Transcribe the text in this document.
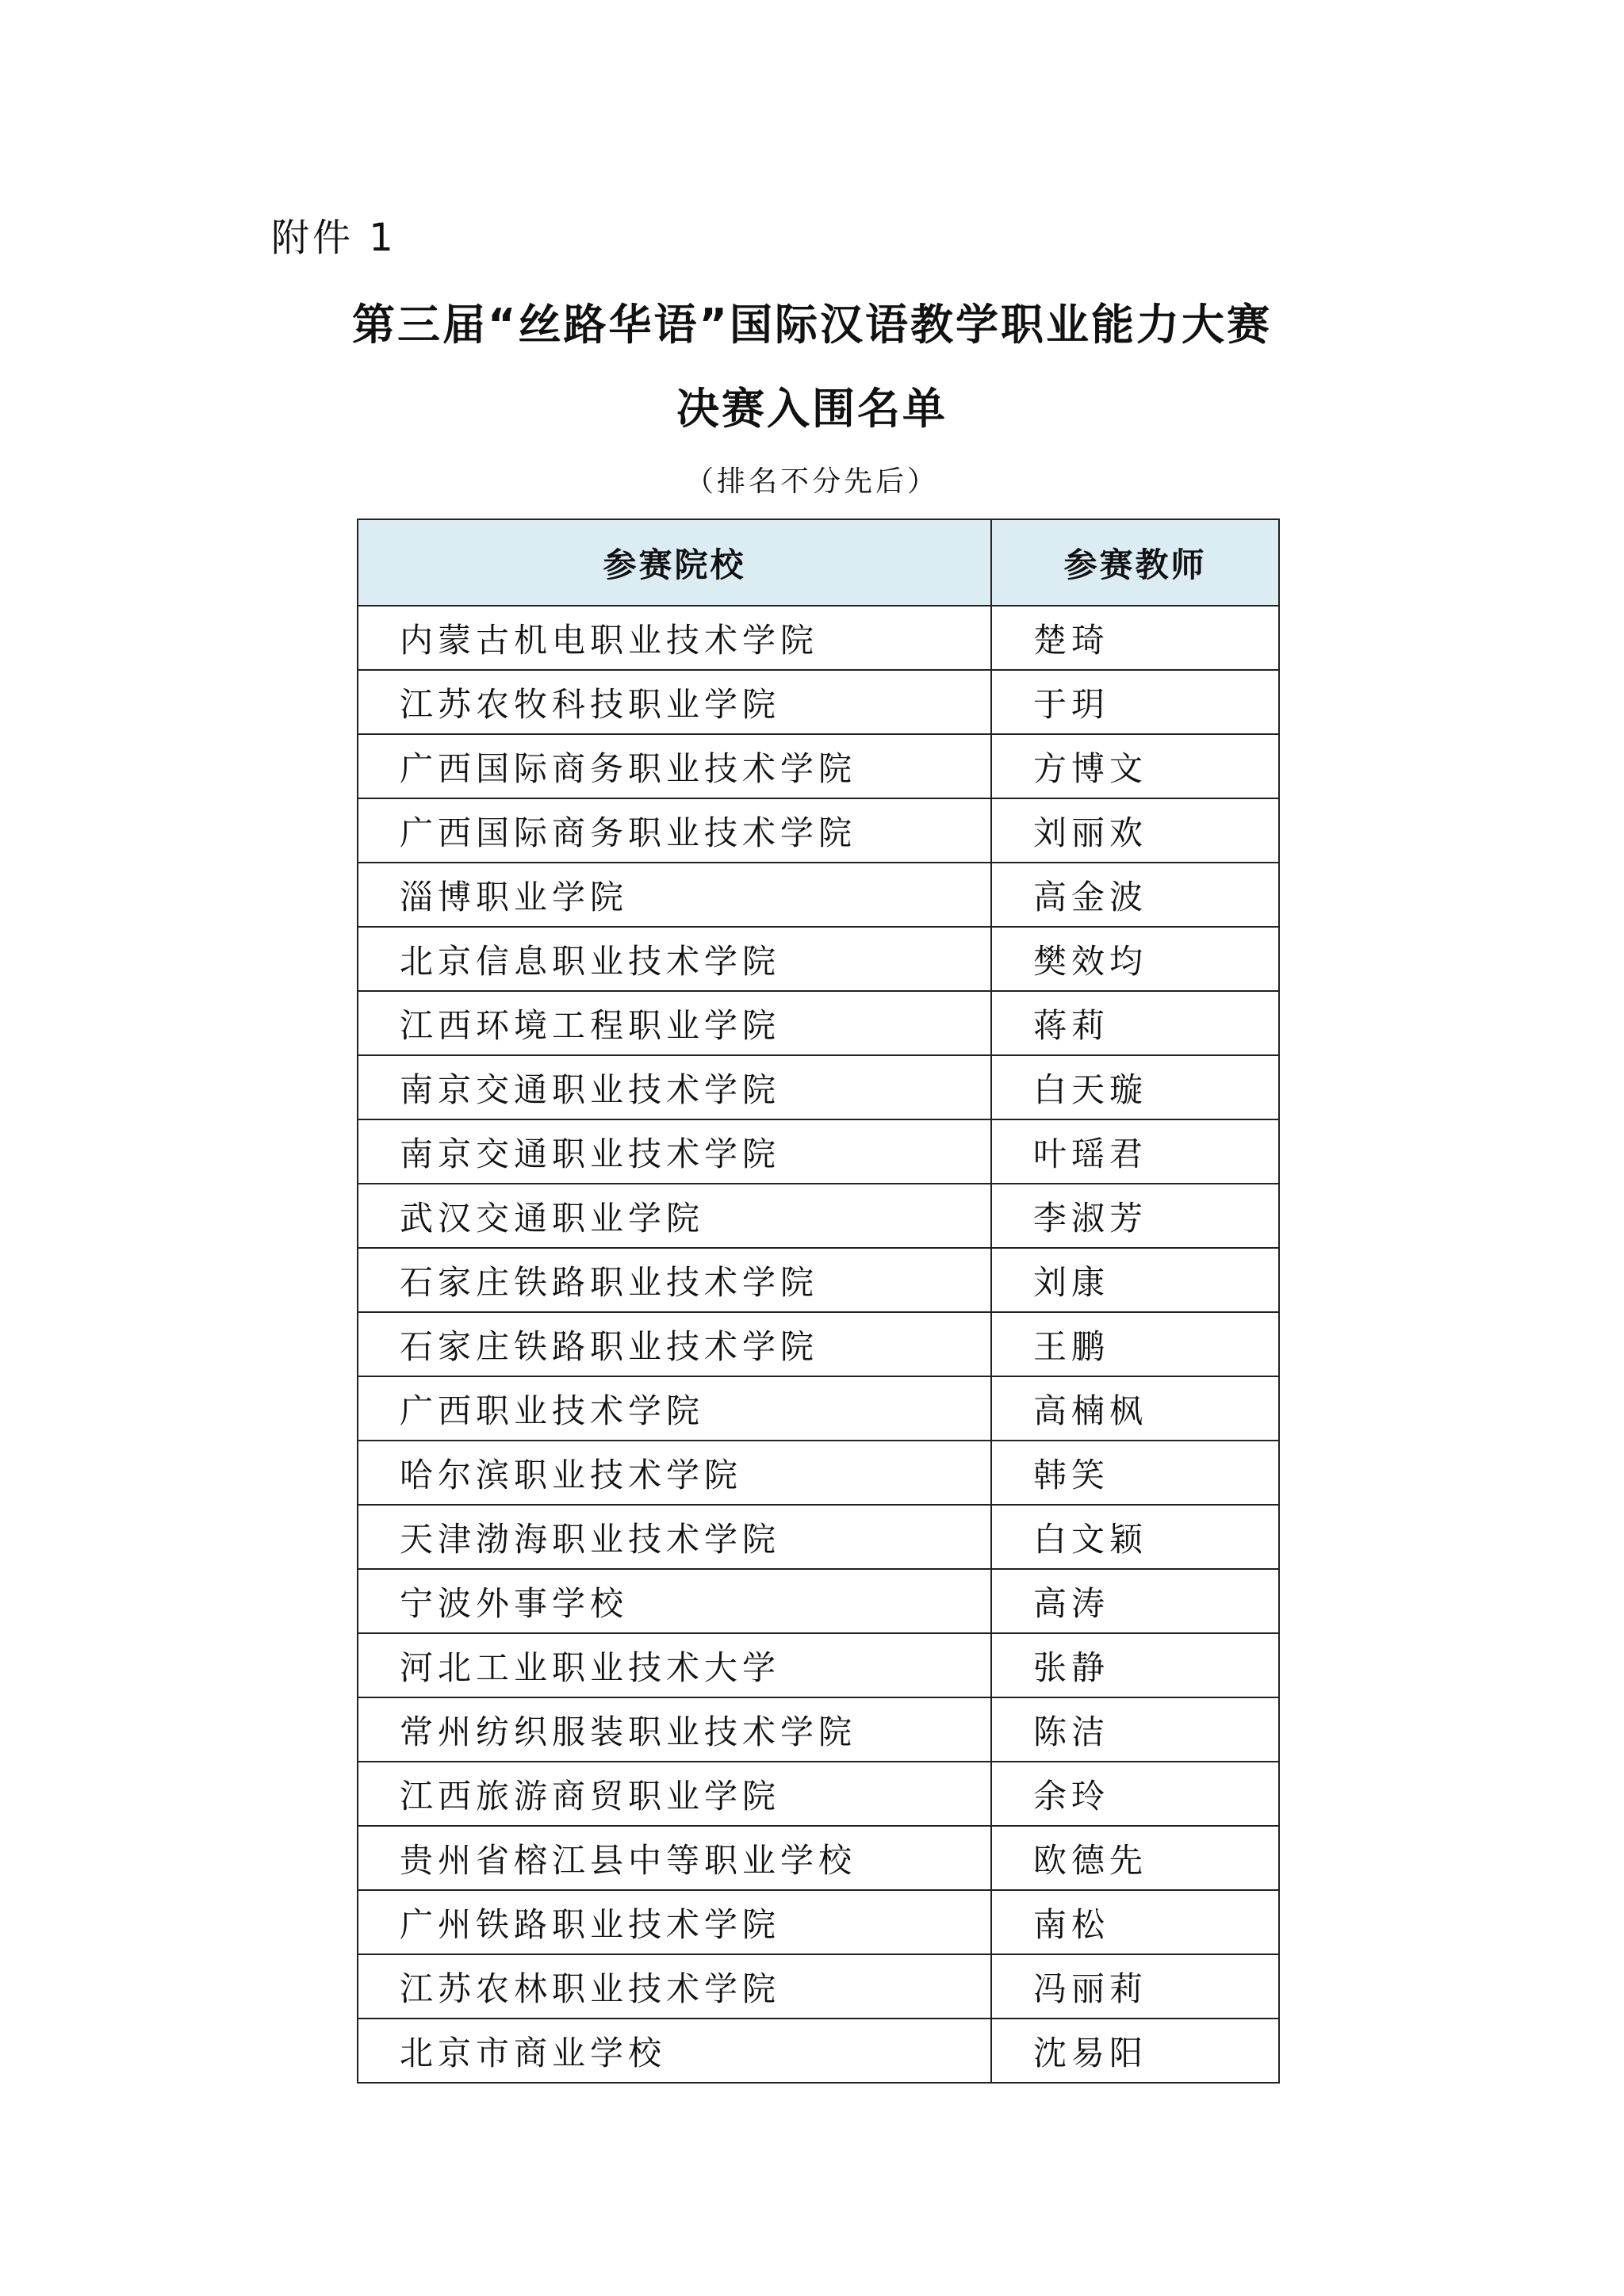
附件 1
第三届“丝路华语”国际汉语教学职业能力大赛
决赛入围名单
（排名不分先后）
参赛院校	参赛教师
内蒙古机电职业技术学院	楚琦
江苏农牧科技职业学院	于玥
广西国际商务职业技术学院	方博文
广西国际商务职业技术学院	刘丽欢
淄博职业学院	高金波
北京信息职业技术学院	樊效均
江西环境工程职业学院	蒋莉
南京交通职业技术学院	白天璇
南京交通职业技术学院	叶瑶君
武汉交通职业学院	李淑芳
石家庄铁路职业技术学院	刘康
石家庄铁路职业技术学院	王鹏
广西职业技术学院	高楠枫
哈尔滨职业技术学院	韩笑
天津渤海职业技术学院	白文颖
宁波外事学校	高涛
河北工业职业技术大学	张静
常州纺织服装职业技术学院	陈洁
江西旅游商贸职业学院	余玲
贵州省榕江县中等职业学校	欧德先
广州铁路职业技术学院	南松
江苏农林职业技术学院	冯丽莉
北京市商业学校	沈易阳
